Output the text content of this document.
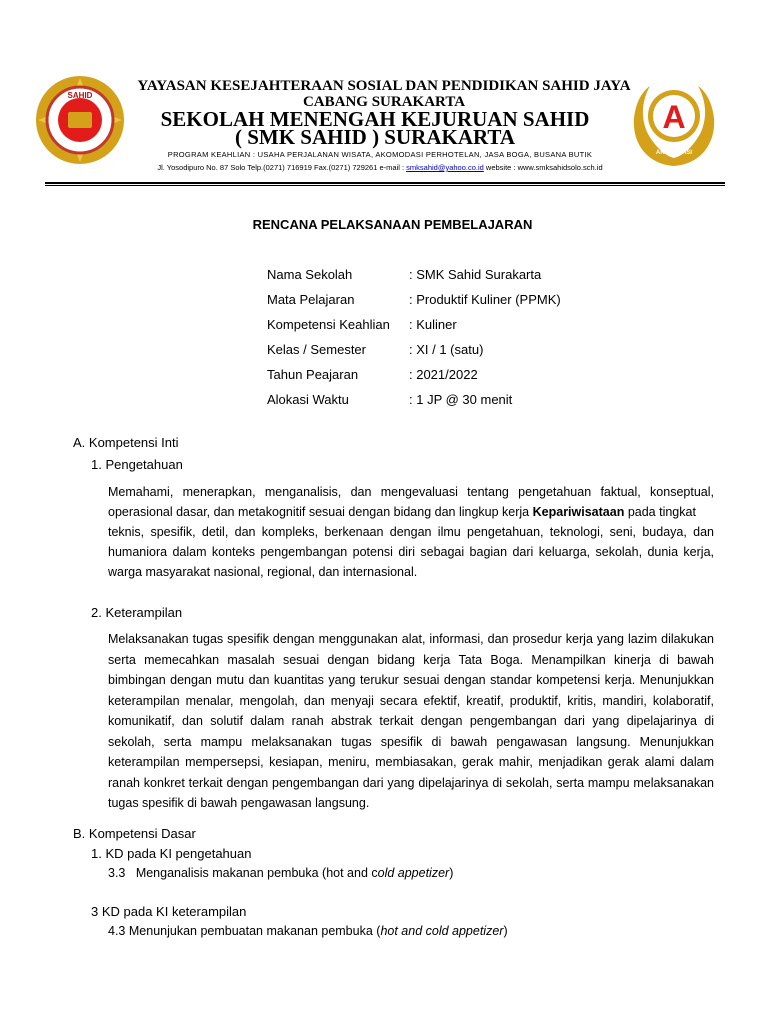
SAHID
A
AKREDITASI
YAYASAN KESEJAHTERAAN SOSIAL DAN PENDIDIKAN SAHID JAYA
CABANG SURAKARTA
SEKOLAH MENENGAH KEJURUAN SAHID
( SMK SAHID ) SURAKARTA
PROGRAM KEAHLIAN : USAHA PERJALANAN WISATA, AKOMODASI PERHOTELAN, JASA BOGA, BUSANA BUTIK
Jl. Yosodipuro No. 87 Solo Telp.(0271) 716919 Fax.(0271) 729261 e-mail : smksahid@yahoo.co.id website : www.smksahidsolo.sch.id
RENCANA PELAKSANAAN PEMBELAJARAN
Nama Sekolah	: SMK Sahid Surakarta
Mata Pelajaran	: Produktif Kuliner (PPMK)
Kompetensi Keahlian : Kuliner
Kelas / Semester	: XI / 1 (satu)
Tahun Peajaran	: 2021/2022
Alokasi Waktu	: 1 JP @ 30 menit
A. Kompetensi Inti
1. Pengetahuan
Memahami, menerapkan, menganalisis, dan mengevaluasi tentang pengetahuan faktual, konseptual,
operasional dasar, dan metakognitif sesuai dengan bidang dan lingkup kerja Kepariwisataan pada tingkat
teknis, spesifik, detil, dan kompleks, berkenaan dengan ilmu pengetahuan, teknologi, seni, budaya, dan
humaniora dalam konteks pengembangan potensi diri sebagai bagian dari keluarga, sekolah, dunia kerja,
warga masyarakat nasional, regional, dan internasional.
2. Keterampilan
Melaksanakan tugas spesifik dengan menggunakan alat, informasi, dan prosedur kerja yang lazim dilakukan
serta memecahkan masalah sesuai dengan bidang kerja Tata Boga. Menampilkan kinerja di bawah
bimbingan dengan mutu dan kuantitas yang terukur sesuai dengan standar kompetensi kerja. Menunjukkan
keterampilan menalar, mengolah, dan menyaji secara efektif, kreatif, produktif, kritis, mandiri, kolaboratif,
komunikatif, dan solutif dalam ranah abstrak terkait dengan pengembangan dari yang dipelajarinya di
sekolah, serta mampu melaksanakan tugas spesifik di bawah pengawasan langsung. Menunjukkan
keterampilan mempersepsi, kesiapan, meniru, membiasakan, gerak mahir, menjadikan gerak alami dalam
ranah konkret terkait dengan pengembangan dari yang dipelajarinya di sekolah, serta mampu melaksanakan
tugas spesifik di bawah pengawasan langsung.
B. Kompetensi Dasar
1. KD pada KI pengetahuan
3.3 Menganalisis makanan pembuka (hot and cold appetizer)
3 KD pada KI keterampilan
4.3 Menunjukan pembuatan makanan pembuka (hot and cold appetizer)
